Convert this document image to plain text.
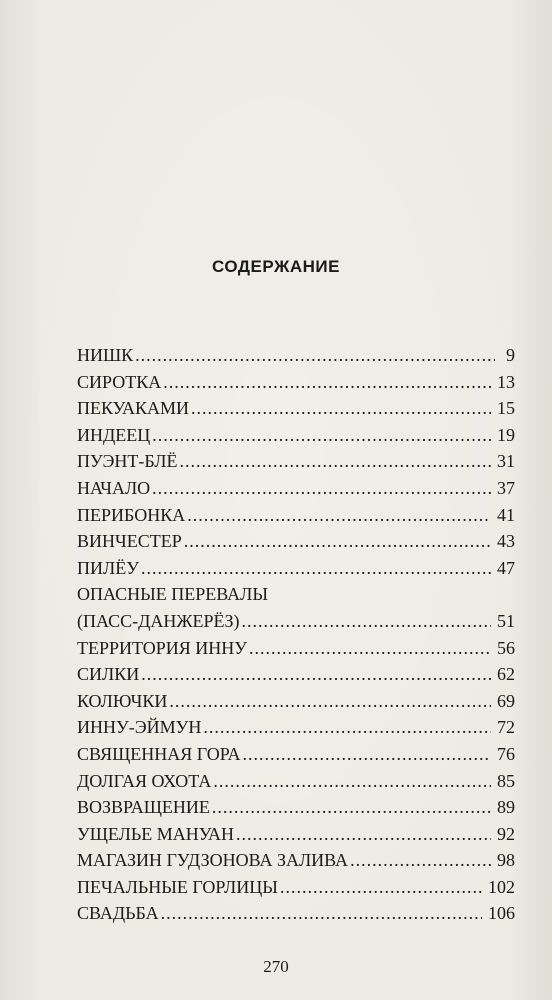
СОДЕРЖАНИЕ
НИШК .....	9
СИРОТКА .....	13
ПЕКУАКАМИ .....	15
ИНДЕЕЦ .....	19
ПУЭНТ-БЛЁ .....	31
НАЧАЛО .....	37
ПЕРИБОНКА .....	41
ВИНЧЕСТЕР .....	43
ПИЛЁУ .....	47
ОПАСНЫЕ ПЕРЕВАЛЫ
(ПАСС-ДАНЖЕРЁЗ) .....	51
ТЕРРИТОРИЯ ИННУ .....	56
СИЛКИ .....	62
КОЛЮЧКИ .....	69
ИННУ-ЭЙМУН .....	72
СВЯЩЕННАЯ ГОРА .....	76
ДОЛГАЯ ОХОТА .....	85
ВОЗВРАЩЕНИЕ .....	89
УЩЕЛЬЕ МАНУАН .....	92
МАГАЗИН ГУДЗОНОВА ЗАЛИВА .....	98
ПЕЧАЛЬНЫЕ ГОРЛИЦЫ .....	102
СВАДЬБА .....	106
270
